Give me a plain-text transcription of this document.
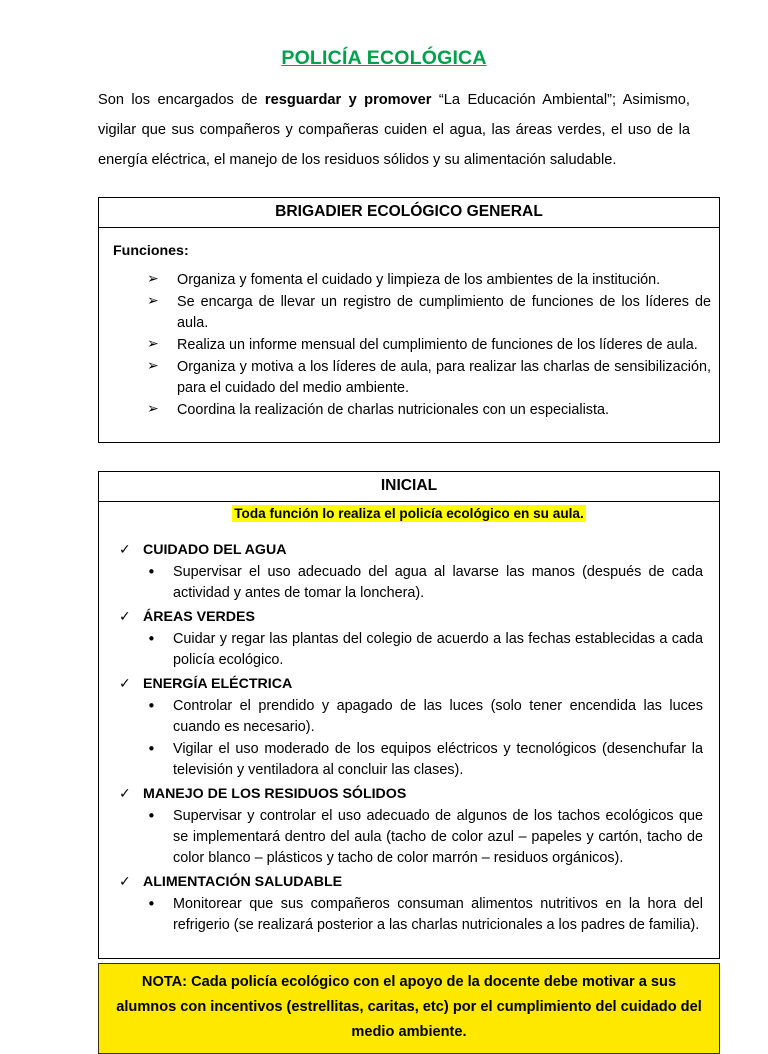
POLICÍA ECOLÓGICA

Son los encargados de resguardar y promover “La Educación Ambiental”; Asimismo, vigilar que sus compañeros y compañeras cuiden el agua, las áreas verdes, el uso de la energía eléctrica, el manejo de los residuos sólidos y su alimentación saludable.

BRIGADIER ECOLÓGICO GENERAL
Funciones:
➢ Organiza y fomenta el cuidado y limpieza de los ambientes de la institución.
➢ Se encarga de llevar un registro de cumplimiento de funciones de los líderes de aula.
➢ Realiza un informe mensual del cumplimiento de funciones de los líderes de aula.
➢ Organiza y motiva a los líderes de aula, para realizar las charlas de sensibilización, para el cuidado del medio ambiente.
➢ Coordina la realización de charlas nutricionales con un especialista.
INICIAL
Toda función lo realiza el policía ecológico en su aula.
✓ CUIDADO DEL AGUA
• Supervisar el uso adecuado del agua al lavarse las manos (después de cada actividad y antes de tomar la lonchera).
✓ ÁREAS VERDES
• Cuidar y regar las plantas del colegio de acuerdo a las fechas establecidas a cada policía ecológico.
✓ ENERGÍA ELÉCTRICA
• Controlar el prendido y apagado de las luces (solo tener encendida las luces cuando es necesario).
• Vigilar el uso moderado de los equipos eléctricos y tecnológicos (desenchufar la televisión y ventiladora al concluir las clases).
✓ MANEJO DE LOS RESIDUOS SÓLIDOS
• Supervisar y controlar el uso adecuado de algunos de los tachos ecológicos que se implementará dentro del aula (tacho de color azul – papeles y cartón, tacho de color blanco – plásticos y tacho de color marrón – residuos orgánicos).
✓ ALIMENTACIÓN SALUDABLE
• Monitorear que sus compañeros consuman alimentos nutritivos en la hora del refrigerio (se realizará posterior a las charlas nutricionales a los padres de familia).
NOTA: Cada policía ecológico con el apoyo de la docente debe motivar a sus alumnos con incentivos (estrellitas, caritas, etc) por el cumplimiento del cuidado del medio ambiente.
